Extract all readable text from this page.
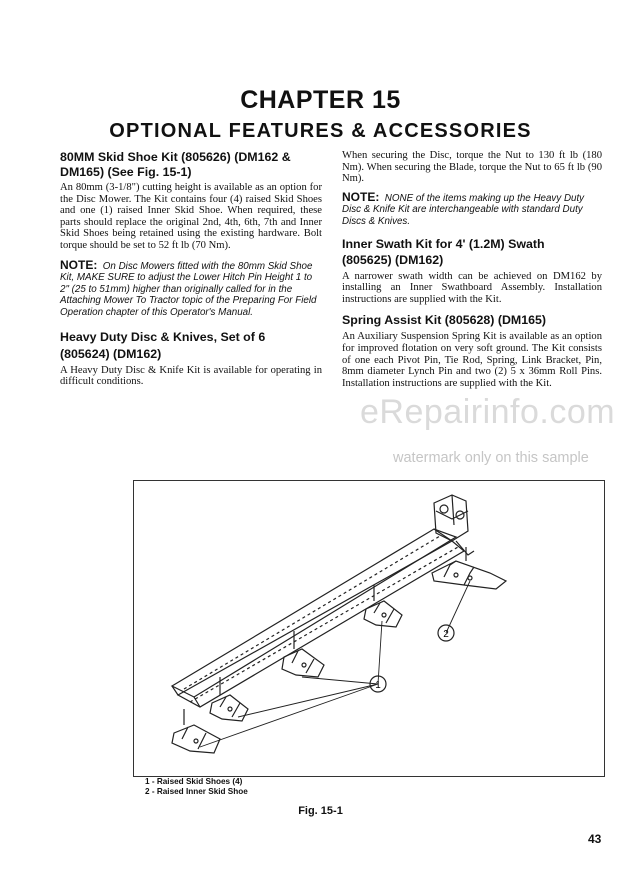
CHAPTER 15
OPTIONAL FEATURES & ACCESSORIES

80MM Skid Shoe Kit (805626) (DM162 &
DM165) (See Fig. 15-1)

An 80mm (3-1/8") cutting height is available as an option for the Disc Mower. The Kit contains four (4) raised Skid Shoes and one (1) raised Inner Skid Shoe. When required, these parts should replace the original 2nd, 4th, 6th, 7th and Inner Skid Shoes being retained using the existing hardware. Bolt torque should be set to 52 ft lb (70 Nm).

NOTE: On Disc Mowers fitted with the 80mm Skid Shoe Kit, MAKE SURE to adjust the Lower Hitch Pin Height 1 to 2" (25 to 51mm) higher than originally called for in the Attaching Mower To Tractor topic of the Preparing For Field Operation chapter of this Operator's Manual.

Heavy Duty Disc & Knives, Set of 6
(805624) (DM162)

A Heavy Duty Disc & Knife Kit is available for operating in difficult conditions.

When securing the Disc, torque the Nut to 130 ft lb (180 Nm). When securing the Blade, torque the Nut to 65 ft lb (90 Nm).

NOTE: NONE of the items making up the Heavy Duty Disc & Knife Kit are interchangeable with standard Duty Discs & Knives.

Inner Swath Kit for 4' (1.2M) Swath
(805625) (DM162)

A narrower swath width can be achieved on DM162 by installing an Inner Swathboard Assembly. Installation instructions are supplied with the Kit.

Spring Assist Kit (805628) (DM165)

An Auxiliary Suspension Spring Kit is available as an option for improved flotation on very soft ground. The Kit consists of one each Pivot Pin, Tie Rod, Spring, Link Bracket, Pin, 8mm diameter Lynch Pin and two (2) 5 x 36mm Roll Pins. Installation instructions are supplied with the Kit.

eRepairinfo.com
watermark only on this sample
1
2
1 - Raised Skid Shoes (4)
2 - Raised Inner Skid Shoe
Fig. 15-1
43
